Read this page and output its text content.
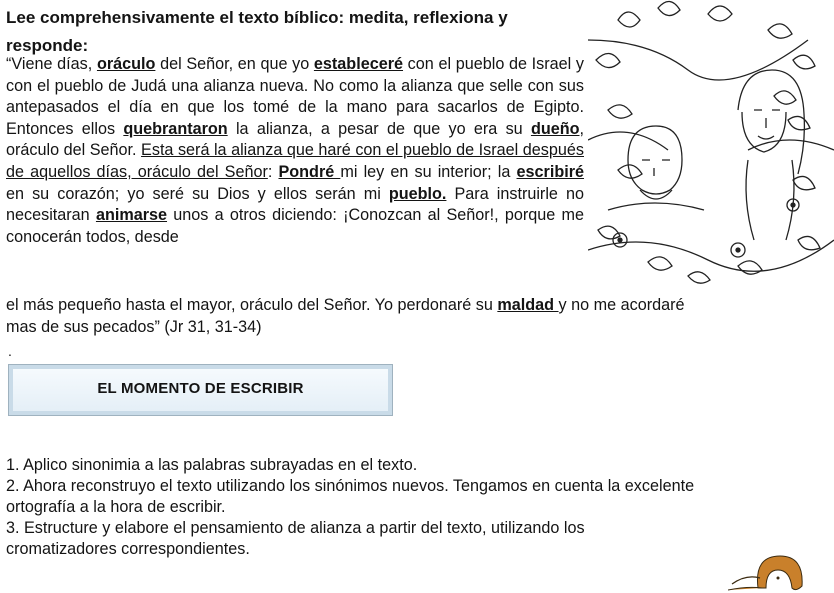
Lee comprehensivamente el texto bíblico: medita, reflexiona y
responde:
“Viene días, oráculo del Señor, en que yo estableceré con el pueblo de Israel y con el pueblo de Judá una alianza nueva. No como la alianza que selle con sus antepasados el día en que los tomé de la mano para sacarlos de Egipto. Entonces ellos quebrantaron la alianza, a pesar de que yo era su dueño, oráculo del Señor. Esta será la alianza que haré con el pueblo de Israel después de aquellos días, oráculo del Señor: Pondré mi ley en su interior; la escribiré en su corazón; yo seré su Dios y ellos serán mi pueblo. Para instruirle no necesitaran animarse unos a otros diciendo: ¡Conozcan al Señor!, porque me conocerán todos, desde
el más pequeño hasta el mayor, oráculo del Señor. Yo perdonaré su maldad y no me acordaré
mas de sus pecados” (Jr 31, 31-34)
.
EL MOMENTO DE ESCRIBIR

1. Aplico sinonimia a las palabras subrayadas en el texto.

2. Ahora reconstruyo el texto utilizando los sinónimos nuevos. Tengamos en cuenta la excelente

ortografía a la hora de escribir.

3. Estructure y elabore el pensamiento de alianza a partir del texto, utilizando los

cromatizadores correspondientes.
